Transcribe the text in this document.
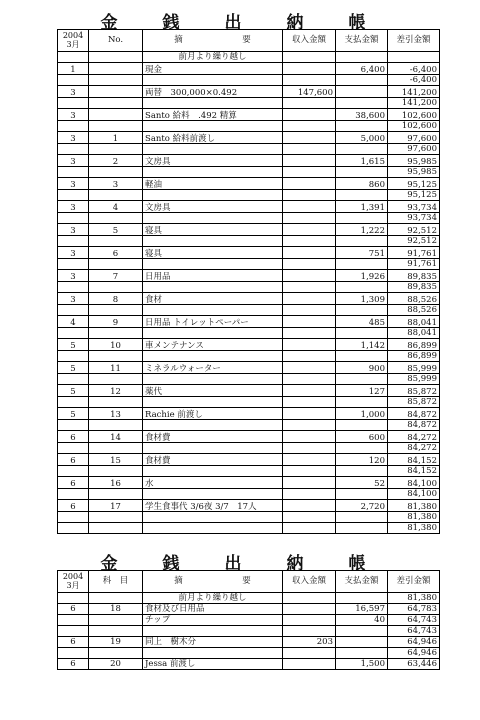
金　銭　出　納　帳
2004
3月	No.	摘　　　　　　　要	収入金額	支払金額	差引金額
		前月より繰り越し			
1		現金		6,400	-6,400
					-6,400
3		両替　300,000×0.492	147,600		141,200
					141,200
3		Santo 給料　.492 精算		38,600	102,600
					102,600
3	1	Santo 給料前渡し		5,000	97,600
					97,600
3	2	文房具		1,615	95,985
					95,985
3	3	軽油		860	95,125
					95,125
3	4	文房具		1,391	93,734
					93,734
3	5	寝具		1,222	92,512
					92,512
3	6	寝具		751	91,761
					91,761
3	7	日用品		1,926	89,835
					89,835
3	8	食材		1,309	88,526
					88,526
4	9	日用品 トイレットペーパー		485	88,041
					88,041
5	10	車メンテナンス		1,142	86,899
					86,899
5	11	ミネラルウォーター		900	85,999
					85,999
5	12	薬代		127	85,872
					85,872
5	13	Rachie 前渡し		1,000	84,872
					84,872
6	14	食材費		600	84,272
					84,272
6	15	食材費		120	84,152
					84,152
6	16	水		52	84,100
					84,100
6	17	学生食事代 3/6夜 3/7　17人		2,720	81,380
					81,380
					81,380
金　銭　出　納　帳
2004
3月	科　目	摘　　　　　　　要	収入金額	支払金額	差引金額
		前月より繰り越し			81,380
6	18	食材及び日用品		16,597	64,783
		チップ		40	64,743
					64,743
6	19	同上　樹木分	203		64,946
					64,946
6	20	Jessa 前渡し		1,500	63,446
